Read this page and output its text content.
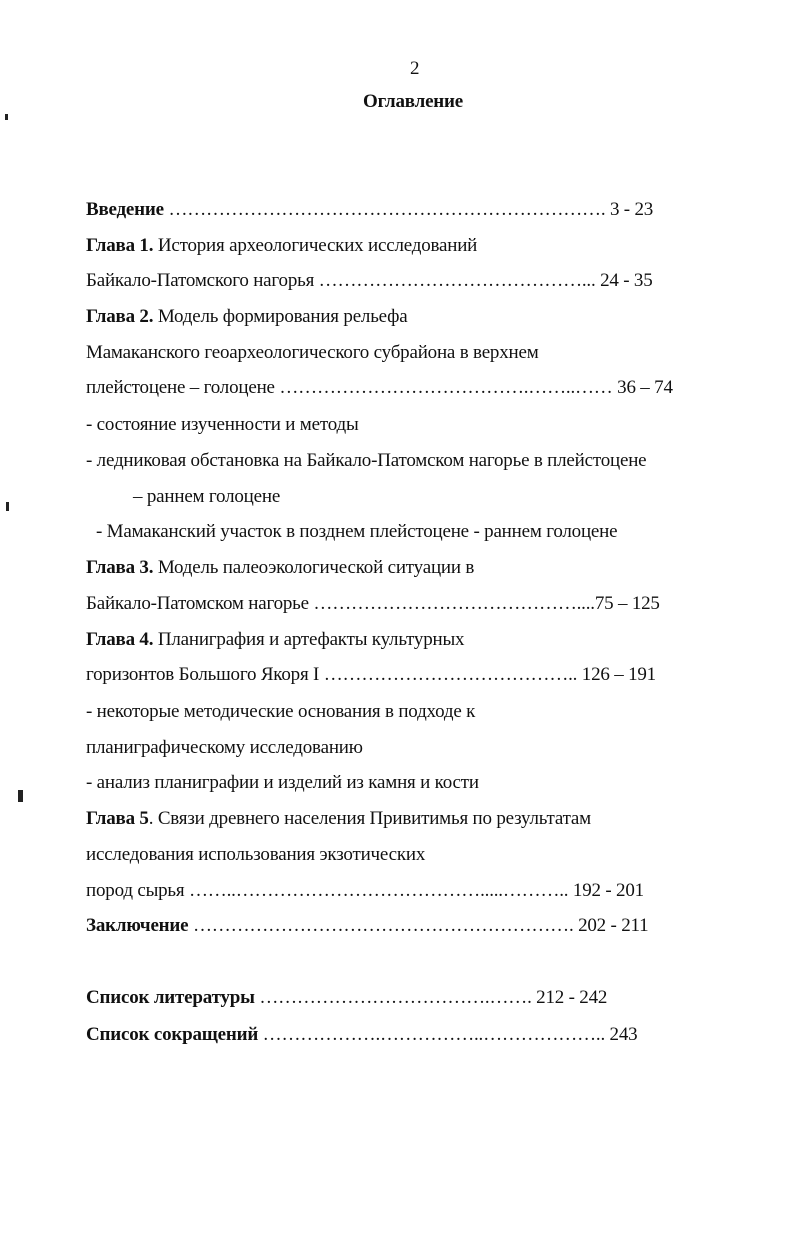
2
Оглавление
Введение ……………………………………………………………. 3 - 23
Глава 1. История археологических исследований
Байкало-Патомского нагорья ……………………………………... 24 - 35
Глава 2. Модель формирования рельефа
Мамаканского геоархеологического субрайона в верхнем
плейстоцене – голоцене ………………………………….……..…… 36 – 74
- состояние изученности и методы
- ледниковая обстановка на Байкало-Патомском нагорье в плейстоцене
– раннем голоцене
- Мамаканский участок в позднем плейстоцене - раннем голоцене
Глава 3. Модель палеоэкологической ситуации в
Байкало-Патомском нагорье ……………………………………....75 – 125
Глава 4. Планиграфия и артефакты культурных
горизонтов Большого Якоря I ………………………………….. 126 – 191
- некоторые методические основания в подходе к
планиграфическому исследованию
- анализ планиграфии и изделий из камня и кости
Глава 5. Связи древнего населения Привитимья по результатам
исследования использования экзотических
пород сырья ……..………………………………….....……….. 192 - 201
Заключение ……………………………………………………. 202 - 211
Список литературы ……………………………….……. 212 - 242
Список сокращений ……………….……………..……………….. 243
